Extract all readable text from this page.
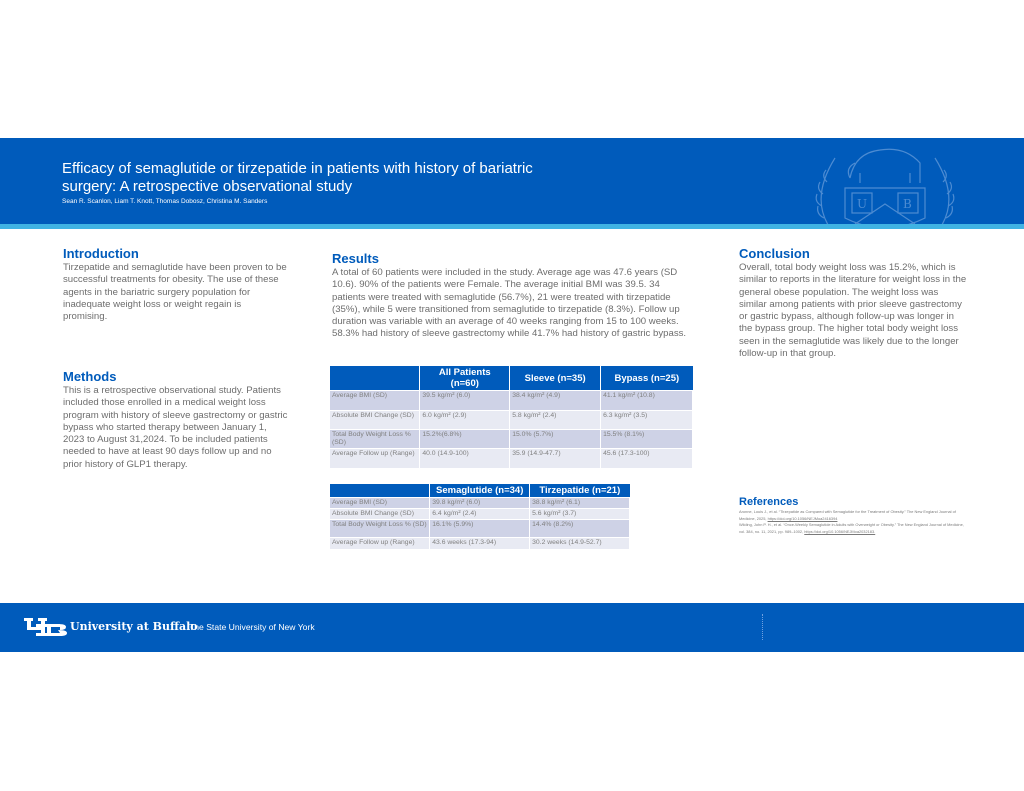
Efficacy of semaglutide or tirzepatide in patients with history of bariatric surgery: A retrospective observational study
Sean R. Scanlon, Liam T. Knott, Thomas Dobosz, Christina M. Sanders	U	B
Introduction
Tirzepatide and semaglutide have been proven to be successful treatments for obesity. The use of these agents in the bariatric surgery population for inadequate weight loss or weight regain is promising.
Methods
This is a retrospective observational study. Patients included those enrolled in a medical weight loss program with history of sleeve gastrectomy or gastric bypass who started therapy between January 1, 2023 to August 31,2024. To be included patients needed to have at least 90 days follow up and no prior history of GLP1 therapy.
Results
A total of 60 patients were included in the study. Average age was 47.6 years (SD 10.6). 90% of the patients were Female. The average initial BMI was 39.5. 34 patients were treated with semaglutide (56.7%), 21 were treated with tirzepatide (35%), while 5 were transitioned from semaglutide to tirzepatide (8.3%). Follow up duration was variable with an average of 40 weeks ranging from 15 to 100 weeks. 58.3% had history of sleeve gastrectomy while 41.7% had history of gastric bypass.
	All Patients (n=60)	Sleeve (n=35)	Bypass (n=25)
Average BMI (SD)	39.5 kg/m² (6.0)	38.4 kg/m² (4.9)	41.1 kg/m² (10.8)
Absolute BMI Change (SD)	6.0 kg/m² (2.9)	5.8 kg/m² (2.4)	6.3 kg/m² (3.5)
Total Body Weight Loss % (SD)	15.2%(6.8%)	15.0% (5.7%)	15.5% (8.1%)
Average Follow up (Range)	40.0 (14.9-100)	35.9 (14.9-47.7)	45.6 (17.3-100)
	Semaglutide (n=34)	Tirzepatide (n=21)
Average BMI (SD)	39.8 kg/m² (6.0)	38.8 kg/m² (6.1)
Absolute BMI Change (SD)	6.4 kg/m² (2.4)	5.6 kg/m² (3.7)
Total Body Weight Loss % (SD)	16.1% (5.9%)	14.4% (8.2%)
Average Follow up (Range)	43.6 weeks (17.3-94)	30.2 weeks (14.9-52.7)
Conclusion
Overall, total body weight loss was 15.2%, which is similar to reports in the literature for weight loss in the general obese population. The weight loss was similar among patients with prior sleeve gastrectomy or gastric bypass, although follow-up was longer in the bypass group. The higher total body weight loss seen in the semaglutide was likely due to the longer follow-up in that group.
References
Aronne, Louis J., et al. “Tirzepatide as Compared with Semaglutide for the Treatment of Obesity.” The New England Journal of Medicine, 2025, https://doi.org/10.1056/NEJMoa2416394
Wilding, John P. H., et al. “Once-Weekly Semaglutide in Adults with Overweight or Obesity.” The New England Journal of Medicine, vol. 384, no. 11, 2021, pp. 989–1002, https://doi.org/10.1056/NEJMoa2032183.
University at Buffalo
The State University of New York
